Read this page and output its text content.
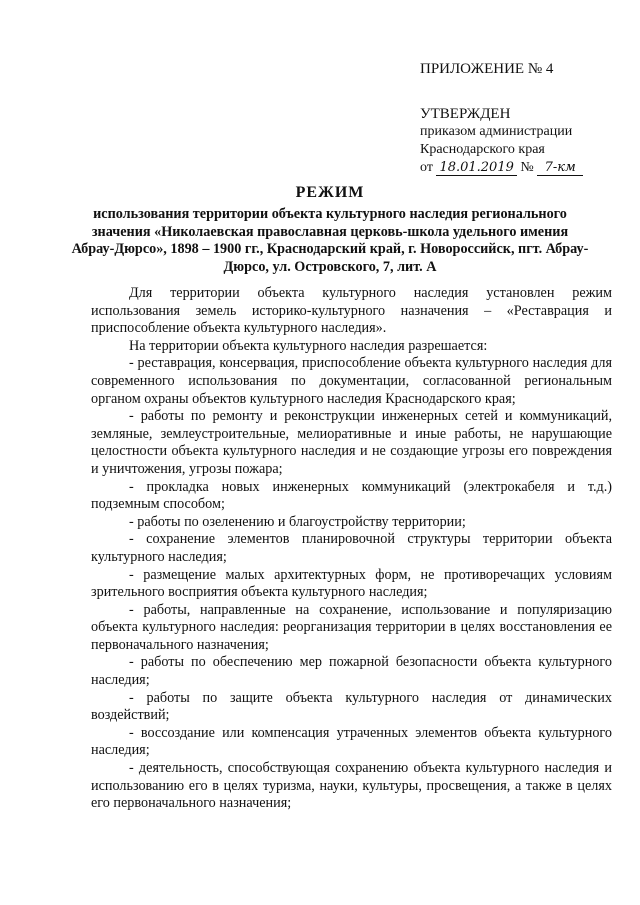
ПРИЛОЖЕНИЕ № 4
УТВЕРЖДЕН
приказом администрации
Краснодарского края
от 18.01.2019 № 7-км
РЕЖИМ
использования территории объекта культурного наследия регионального значения «Николаевская православная церковь-школа удельного имения Абрау-Дюрсо», 1898 – 1900 гг., Краснодарский край, г. Новороссийск, пгт. Абрау-Дюрсо, ул. Островского, 7, лит. А

Для территории объекта культурного наследия установлен режим использования земель историко-культурного назначения – «Реставрация и приспособление объекта культурного наследия».

На территории объекта культурного наследия разрешается:

- реставрация, консервация, приспособление объекта культурного наследия для современного использования по документации, согласованной региональным органом охраны объектов культурного наследия Краснодарского края;

- работы по ремонту и реконструкции инженерных сетей и коммуникаций, земляные, землеустроительные, мелиоративные и иные работы, не нарушающие целостности объекта культурного наследия и не создающие угрозы его повреждения и уничтожения, угрозы пожара;

- прокладка новых инженерных коммуникаций (электрокабеля и т.д.) подземным способом;

- работы по озеленению и благоустройству территории;

- сохранение элементов планировочной структуры территории объекта культурного наследия;

- размещение малых архитектурных форм, не противоречащих условиям зрительного восприятия объекта культурного наследия;

- работы, направленные на сохранение, использование и популяризацию объекта культурного наследия: реорганизация территории в целях восстановления ее первоначального назначения;

- работы по обеспечению мер пожарной безопасности объекта культурного наследия;

- работы по защите объекта культурного наследия от динамических воздействий;

- воссоздание или компенсация утраченных элементов объекта культурного наследия;

- деятельность, способствующая сохранению объекта культурного наследия и использованию его в целях туризма, науки, культуры, просвещения, а также в целях его первоначального назначения;
